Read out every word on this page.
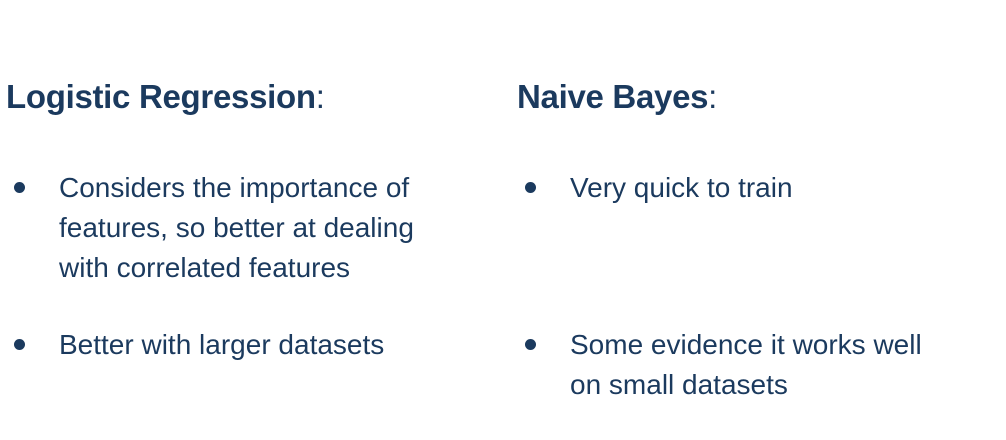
Logistic Regression:
Considers the importance of
features, so better at dealing
with correlated features
Better with larger datasets
Naive Bayes:
Very quick to train
Some evidence it works well
on small datasets
